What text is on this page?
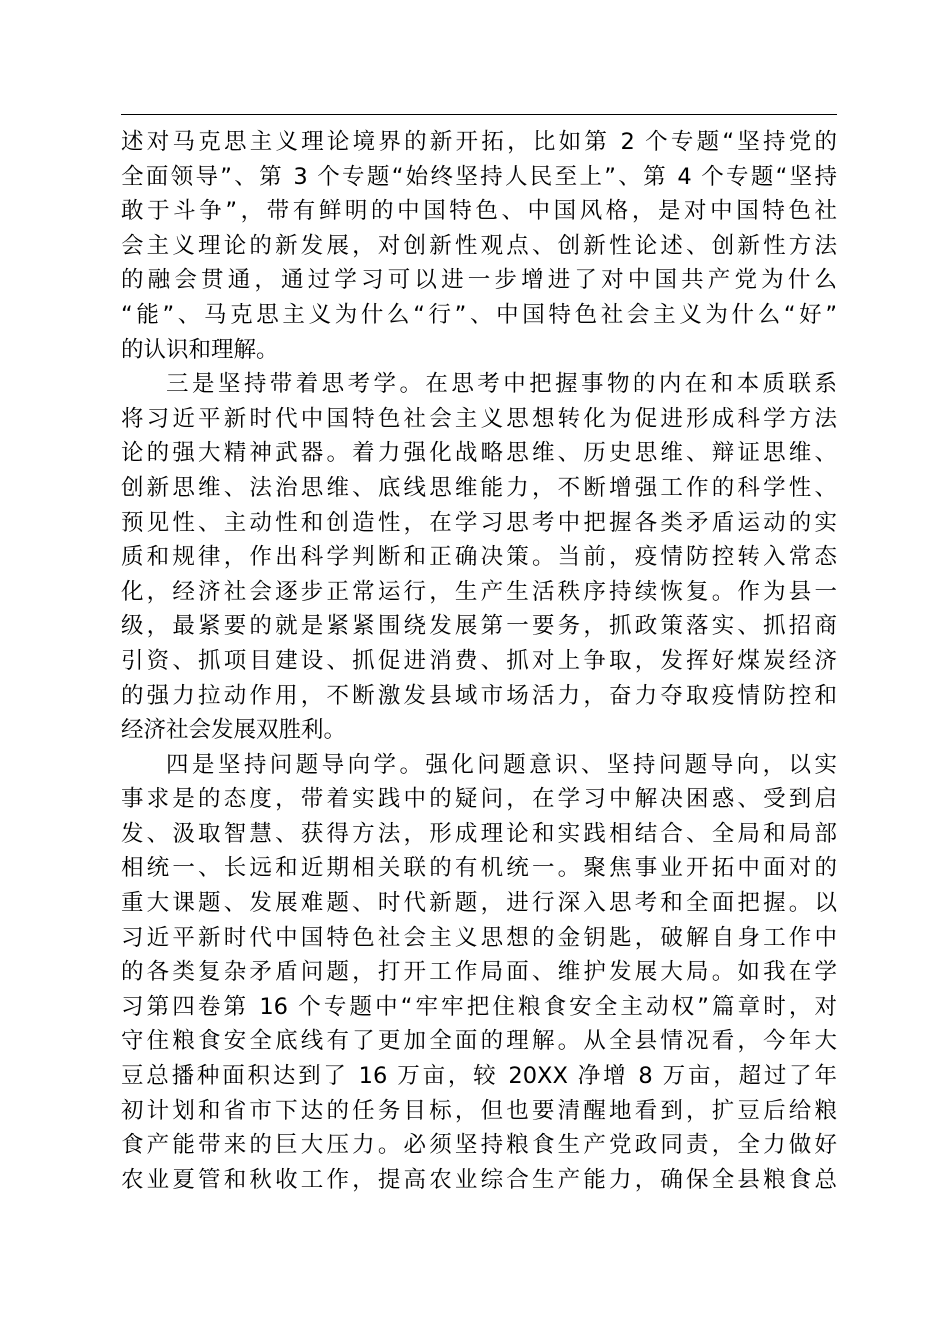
述对马克思主义理论境界的新开拓，比如第 2 个专题“坚持党的
全面领导”、第 3 个专题“始终坚持人民至上”、第 4 个专题“坚持
敢于斗争”，带有鲜明的中国特色、中国风格，是对中国特色社
会主义理论的新发展，对创新性观点、创新性论述、创新性方法
的融会贯通，通过学习可以进一步增进了对中国共产党为什么
“能”、马克思主义为什么“行”、中国特色社会主义为什么“好”
的认识和理解。
三是坚持带着思考学。在思考中把握事物的内在和本质联系
将习近平新时代中国特色社会主义思想转化为促进形成科学方法
论的强大精神武器。着力强化战略思维、历史思维、辩证思维、
创新思维、法治思维、底线思维能力，不断增强工作的科学性、
预见性、主动性和创造性，在学习思考中把握各类矛盾运动的实
质和规律，作出科学判断和正确决策。当前，疫情防控转入常态
化，经济社会逐步正常运行，生产生活秩序持续恢复。作为县一
级，最紧要的就是紧紧围绕发展第一要务，抓政策落实、抓招商
引资、抓项目建设、抓促进消费、抓对上争取，发挥好煤炭经济
的强力拉动作用，不断激发县域市场活力，奋力夺取疫情防控和
经济社会发展双胜利。
四是坚持问题导向学。强化问题意识、坚持问题导向，以实
事求是的态度，带着实践中的疑问，在学习中解决困惑、受到启
发、汲取智慧、获得方法，形成理论和实践相结合、全局和局部
相统一、长远和近期相关联的有机统一。聚焦事业开拓中面对的
重大课题、发展难题、时代新题，进行深入思考和全面把握。以
习近平新时代中国特色社会主义思想的金钥匙，破解自身工作中
的各类复杂矛盾问题，打开工作局面、维护发展大局。如我在学
习第四卷第 16 个专题中“牢牢把住粮食安全主动权”篇章时，对
守住粮食安全底线有了更加全面的理解。从全县情况看，今年大
豆总播种面积达到了 16 万亩，较 20XX 净增 8 万亩，超过了年
初计划和省市下达的任务目标，但也要清醒地看到，扩豆后给粮
食产能带来的巨大压力。必须坚持粮食生产党政同责，全力做好
农业夏管和秋收工作，提高农业综合生产能力，确保全县粮食总
